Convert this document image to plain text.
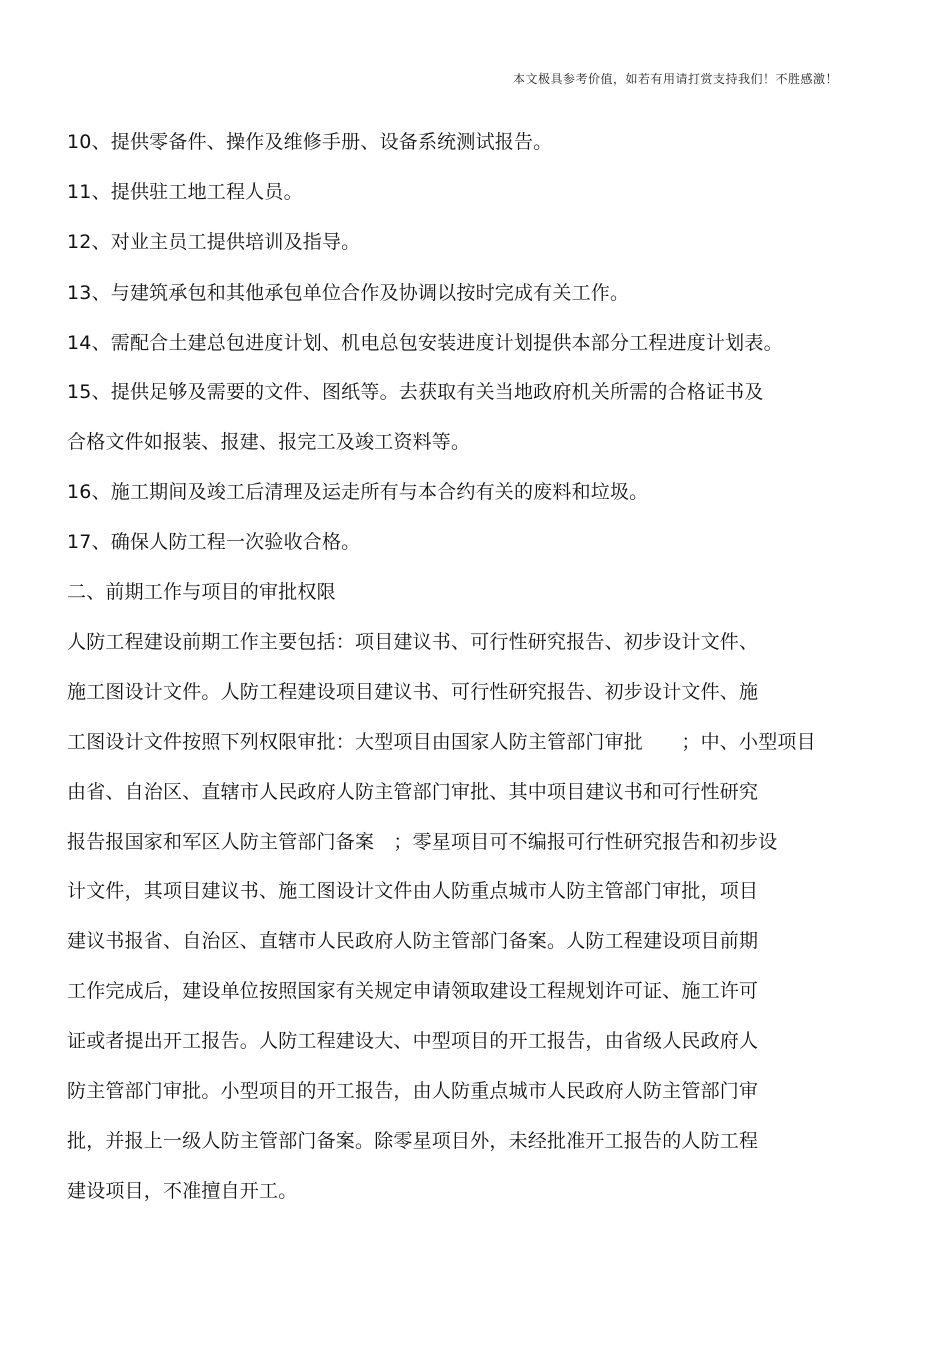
本文极具参考价值，如若有用请打赏支持我们！不胜感激！
10、提供零备件、操作及维修手册、设备系统测试报告。
11、提供驻工地工程人员。
12、对业主员工提供培训及指导。
13、与建筑承包和其他承包单位合作及协调以按时完成有关工作。
14、需配合土建总包进度计划、机电总包安装进度计划提供本部分工程进度计划表。
15、提供足够及需要的文件、图纸等。去获取有关当地政府机关所需的合格证书及
合格文件如报装、报建、报完工及竣工资料等。
16、施工期间及竣工后清理及运走所有与本合约有关的废料和垃圾。
17、确保人防工程一次验收合格。
二、前期工作与项目的审批权限
人防工程建设前期工作主要包括：项目建议书、可行性研究报告、初步设计文件、
施工图设计文件。人防工程建设项目建议书、可行性研究报告、初步设计文件、施
工图设计文件按照下列权限审批：大型项目由国家人防主管部门审批　　；中、小型项目
由省、自治区、直辖市人民政府人防主管部门审批、其中项目建议书和可行性研究
报告报国家和军区人防主管部门备案　；零星项目可不编报可行性研究报告和初步设
计文件，其项目建议书、施工图设计文件由人防重点城市人防主管部门审批，项目
建议书报省、自治区、直辖市人民政府人防主管部门备案。人防工程建设项目前期
工作完成后，建设单位按照国家有关规定申请领取建设工程规划许可证、施工许可
证或者提出开工报告。人防工程建设大、中型项目的开工报告，由省级人民政府人
防主管部门审批。小型项目的开工报告，由人防重点城市人民政府人防主管部门审
批，并报上一级人防主管部门备案。除零星项目外，未经批准开工报告的人防工程
建设项目，不准擅自开工。
